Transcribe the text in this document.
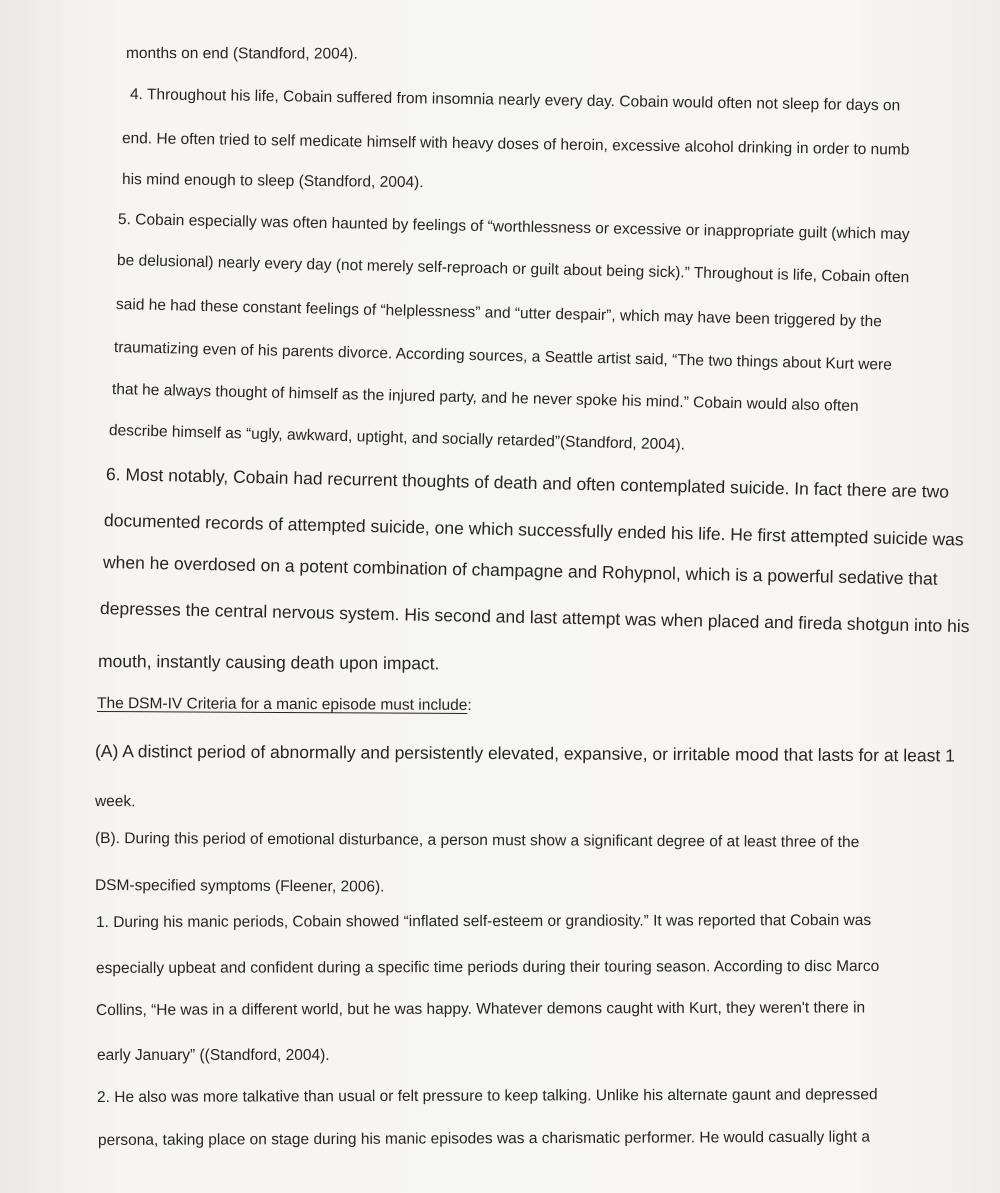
months on end (Standford, 2004).
4. Throughout his life, Cobain suffered from insomnia nearly every day. Cobain would often not sleep for days on
end. He often tried to self medicate himself with heavy doses of heroin, excessive alcohol drinking in order to numb
his mind enough to sleep (Standford, 2004).
5. Cobain especially was often haunted by feelings of “worthlessness or excessive or inappropriate guilt (which may
be delusional) nearly every day (not merely self-reproach or guilt about being sick).” Throughout is life, Cobain often
said he had these constant feelings of “helplessness” and “utter despair”, which may have been triggered by the
traumatizing even of his parents divorce. According sources, a Seattle artist said, “The two things about Kurt were
that he always thought of himself as the injured party, and he never spoke his mind.” Cobain would also often
describe himself as “ugly, awkward, uptight, and socially retarded”(Standford, 2004).
6. Most notably, Cobain had recurrent thoughts of death and often contemplated suicide. In fact there are two
documented records of attempted suicide, one which successfully ended his life. He first attempted suicide was
when he overdosed on a potent combination of champagne and Rohypnol, which is a powerful sedative that
depresses the central nervous system. His second and last attempt was when placed and fireda shotgun into his
mouth, instantly causing death upon impact.
The DSM-IV Criteria for a manic episode must include:
(A) A distinct period of abnormally and persistently elevated, expansive, or irritable mood that lasts for at least 1
week.
(B). During this period of emotional disturbance, a person must show a significant degree of at least three of the
DSM-specified symptoms (Fleener, 2006).
1. During his manic periods, Cobain showed “inflated self-esteem or grandiosity.” It was reported that Cobain was
especially upbeat and confident during a specific time periods during their touring season. According to disc Marco
Collins, “He was in a different world, but he was happy. Whatever demons caught with Kurt, they weren't there in
early January” ((Standford, 2004).
2. He also was more talkative than usual or felt pressure to keep talking. Unlike his alternate gaunt and depressed
persona, taking place on stage during his manic episodes was a charismatic performer. He would casually light a
